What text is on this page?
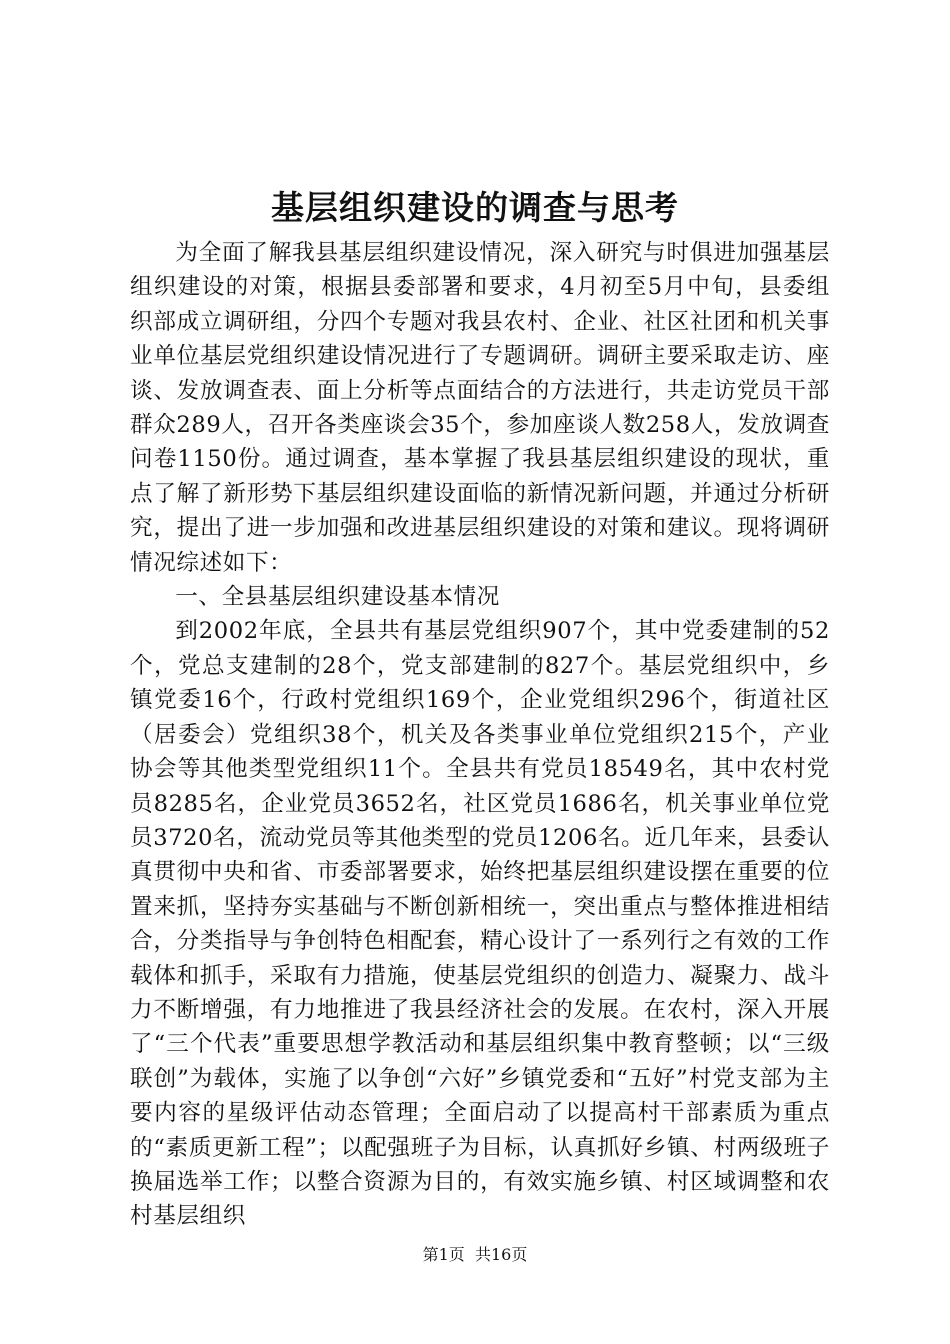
基层组织建设的调查与思考

为全面了解我县基层组织建设情况，深入研究与时俱进加强基层组织建设的对策，根据县委部署和要求，4月初至5月中旬，县委组织部成立调研组，分四个专题对我县农村、企业、社区社团和机关事业单位基层党组织建设情况进行了专题调研。调研主要采取走访、座谈、发放调查表、面上分析等点面结合的方法进行，共走访党员干部群众289人，召开各类座谈会35个，参加座谈人数258人，发放调查问卷1150份。通过调查，基本掌握了我县基层组织建设的现状，重点了解了新形势下基层组织建设面临的新情况新问题，并通过分析研究，提出了进一步加强和改进基层组织建设的对策和建议。现将调研情况综述如下：

一、全县基层组织建设基本情况

到2002年底，全县共有基层党组织907个，其中党委建制的52个，党总支建制的28个，党支部建制的827个。基层党组织中，乡镇党委16个，行政村党组织169个，企业党组织296个，街道社区（居委会）党组织38个，机关及各类事业单位党组织215个，产业协会等其他类型党组织11个。全县共有党员18549名，其中农村党员8285名，企业党员3652名，社区党员1686名，机关事业单位党员3720名，流动党员等其他类型的党员1206名。近几年来，县委认真贯彻中央和省、市委部署要求，始终把基层组织建设摆在重要的位置来抓，坚持夯实基础与不断创新相统一，突出重点与整体推进相结合，分类指导与争创特色相配套，精心设计了一系列行之有效的工作载体和抓手，采取有力措施，使基层党组织的创造力、凝聚力、战斗力不断增强，有力地推进了我县经济社会的发展。在农村，深入开展了“三个代表”重要思想学教活动和基层组织集中教育整顿；以“三级联创”为载体，实施了以争创“六好”乡镇党委和“五好”村党支部为主要内容的星级评估动态管理；全面启动了以提高村干部素质为重点的“素质更新工程”；以配强班子为目标，认真抓好乡镇、村两级班子换届选举工作；以整合资源为目的，有效实施乡镇、村区域调整和农村基层组织

第1页 共16页
